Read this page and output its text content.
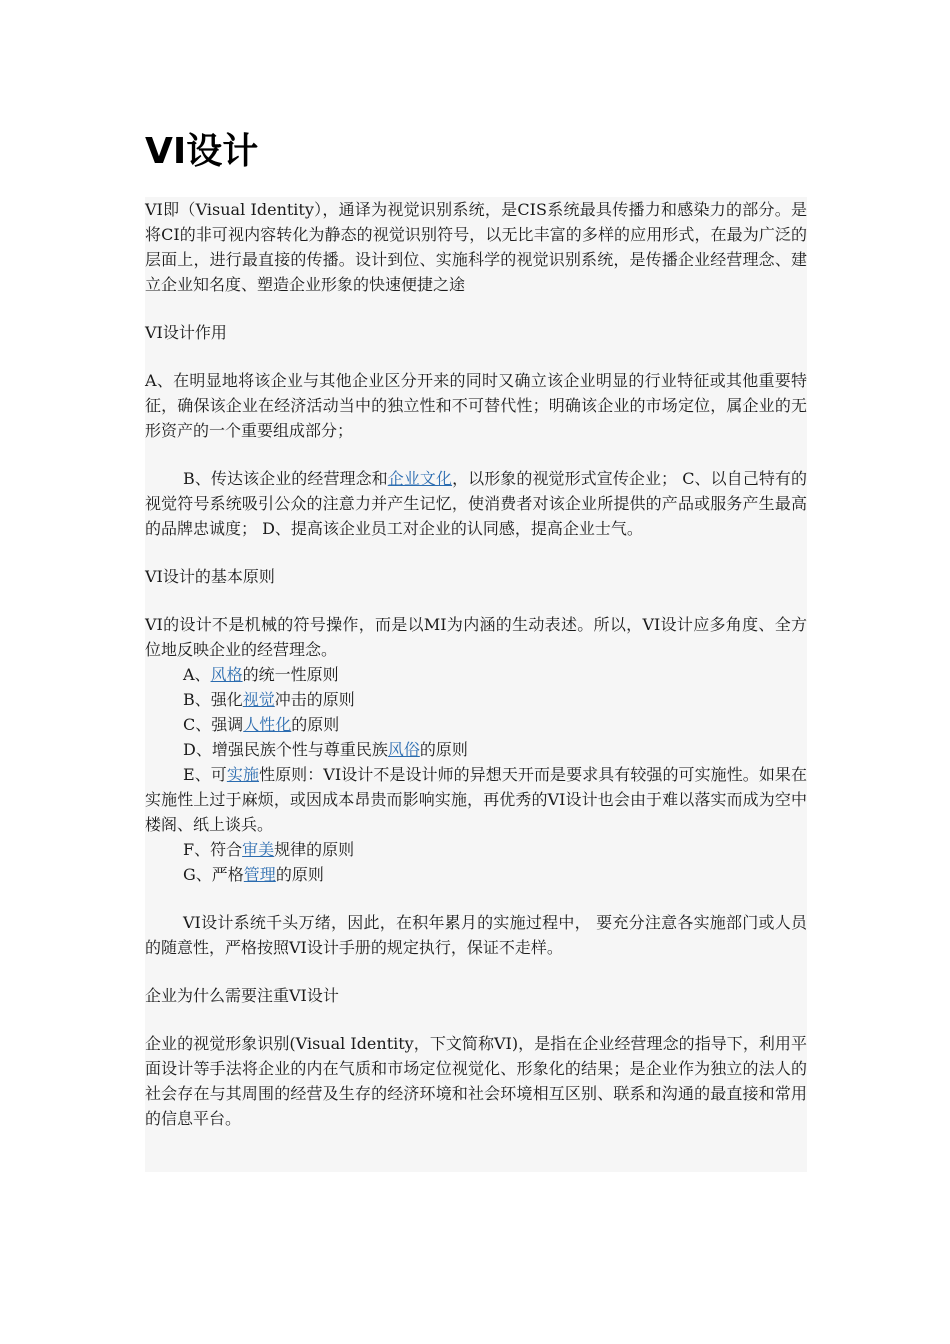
VI设计

VI即（Visual Identity），通译为视觉识别系统，是CIS系统最具传播力和感染力的部分。是将CI的非可视内容转化为静态的视觉识别符号，以无比丰富的多样的应用形式，在最为广泛的层面上，进行最直接的传播。设计到位、实施科学的视觉识别系统，是传播企业经营理念、建立企业知名度、塑造企业形象的快速便捷之途

VI设计作用

A、在明显地将该企业与其他企业区分开来的同时又确立该企业明显的行业特征或其他重要特征，确保该企业在经济活动当中的独立性和不可替代性；明确该企业的市场定位，属企业的无形资产的一个重要组成部分；

B、传达该企业的经营理念和企业文化，以形象的视觉形式宣传企业； C、以自己特有的视觉符号系统吸引公众的注意力并产生记忆，使消费者对该企业所提供的产品或服务产生最高的品牌忠诚度； D、提高该企业员工对企业的认同感，提高企业士气。

VI设计的基本原则

VI的设计不是机械的符号操作，而是以MI为内涵的生动表述。所以，VI设计应多角度、全方位地反映企业的经营理念。

A、风格的统一性原则

B、强化视觉冲击的原则

C、强调人性化的原则

D、增强民族个性与尊重民族风俗的原则

E、可实施性原则：VI设计不是设计师的异想天开而是要求具有较强的可实施性。如果在实施性上过于麻烦，或因成本昂贵而影响实施，再优秀的VI设计也会由于难以落实而成为空中楼阁、纸上谈兵。

F、符合审美规律的原则

G、严格管理的原则

VI设计系统千头万绪，因此，在积年累月的实施过程中， 要充分注意各实施部门或人员的随意性，严格按照VI设计手册的规定执行，保证不走样。

企业为什么需要注重VI设计

企业的视觉形象识别(Visual Identity，下文简称VI)，是指在企业经营理念的指导下，利用平面设计等手法将企业的内在气质和市场定位视觉化、形象化的结果；是企业作为独立的法人的社会存在与其周围的经营及生存的经济环境和社会环境相互区别、联系和沟通的最直接和常用的信息平台。
